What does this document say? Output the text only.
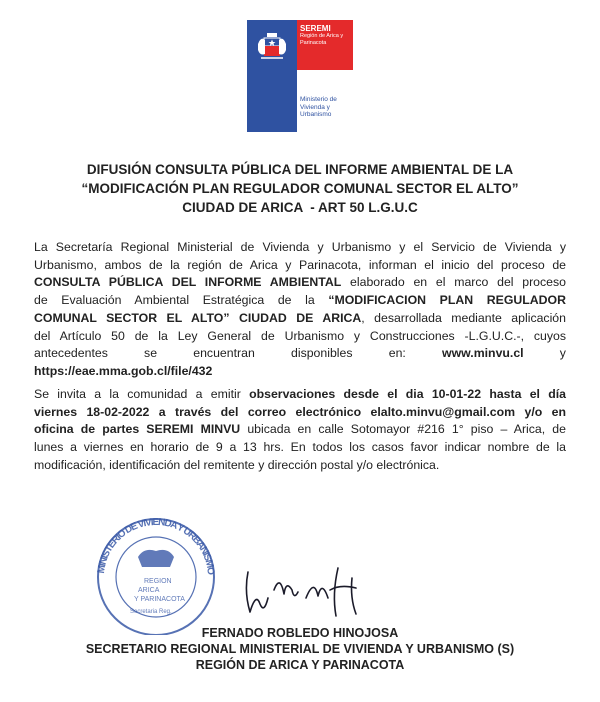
SEREMI
Región de Arica y Parinacota
Ministerio de Vivienda y Urbanismo
DIFUSIÓN CONSULTA PÚBLICA DEL INFORME AMBIENTAL DE LA
“MODIFICACIÓN PLAN REGULADOR COMUNAL SECTOR EL ALTO”
CIUDAD DE ARICA  - ART 50 L.G.U.C
La Secretaría Regional Ministerial de Vivienda y Urbanismo y el Servicio de Vivienda y
Urbanismo, ambos de la región de Arica y Parinacota, informan el inicio del proceso de
CONSULTA PÚBLICA DEL INFORME AMBIENTAL elaborado en el marco del proceso
de Evaluación Ambiental Estratégica de la “MODIFICACION PLAN REGULADOR
COMUNAL SECTOR EL ALTO” CIUDAD DE ARICA, desarrollada mediante aplicación
del Artículo 50 de la Ley General de Urbanismo y Construcciones -L.G.U.C.-, cuyos
antecedentes	se	encuentran	disponibles	en:	www.minvu.cl	y
https://eae.mma.gob.cl/file/432
Se invita a la comunidad a emitir observaciones desde el dia 10-01-22 hasta el día
viernes 18-02-2022 a través del correo electrónico elalto.minvu@gmail.com y/o en
oficina de partes SEREMI MINVU ubicada en calle Sotomayor #216 1° piso – Arica, de
lunes a viernes en horario de 9 a 13 hrs. En todos los casos favor indicar nombre de la
modificación, identificación del remitente y dirección postal y/o electrónica.
MINISTERIO DE VIVIENDA Y URBANISMO
REGION
ARICA
Y PARINACOTA
Secretaria Reg.
FERNADO ROBLEDO HINOJOSA
SECRETARIO REGIONAL MINISTERIAL DE VIVIENDA Y URBANISMO (S)
REGIÓN DE ARICA Y PARINACOTA
